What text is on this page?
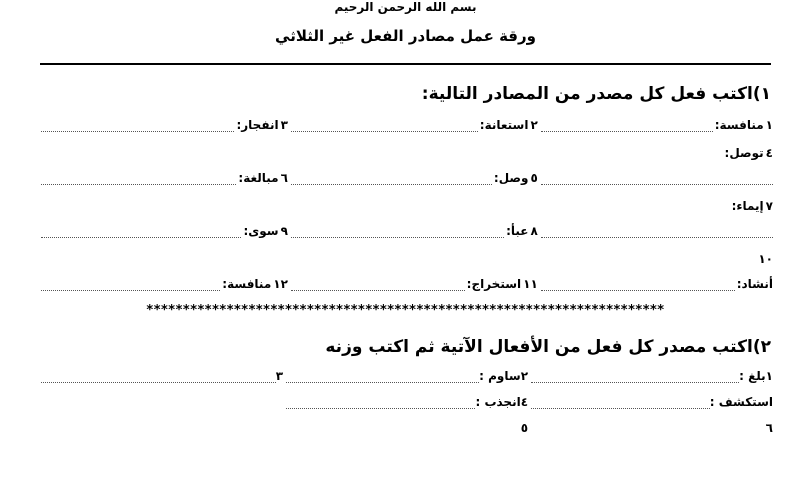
بسم الله الرحمن الرحيم

ورقة عمل مصادر الفعل غير الثلاثي

١)اكتب فعل كل مصدر من المصادر التالية:
١
منافسة:
٢
استعانة:
٣
انفجار:
٤
توصل:
٥
وصل:
٦
مبالغة:
٧
إيماء:
٨
عبأ:
٩
سوى:
١٠
أنشاد:
١١
استخراج:
١٢
منافسة:
***********************************************************************
٢)اكتب مصدر كل فعل من الأفعال الآتية ثم اكتب وزنه
١
بلغ :
٢
ساوم :
٣
استكشف :
٤
انجذب :
٦
٥
